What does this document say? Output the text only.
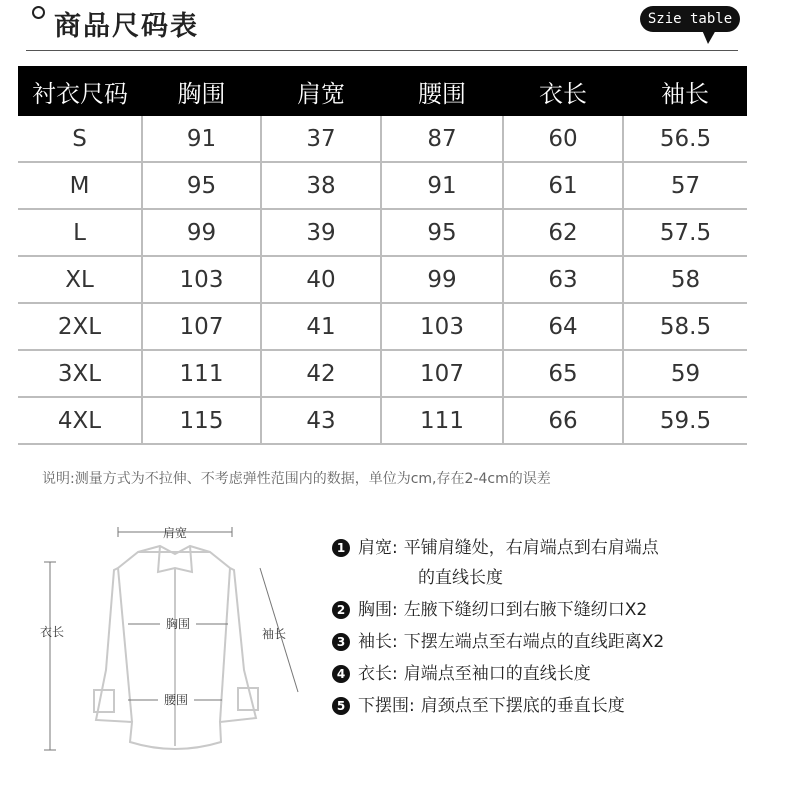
商品尺码表	Szie table
衬衣尺码	胸围	肩宽	腰围	衣长	袖长
S	91	37	87	60	56.5
M	95	38	91	61	57
L	99	39	95	62	57.5
XL	103	40	99	63	58
2XL	107	41	103	64	58.5
3XL	111	42	107	65	59
4XL	115	43	111	66	59.5
说明:测量方式为不拉伸、不考虑弹性范围内的数据，单位为cm,存在2-4cm的误差
肩宽
衣长
胸围
袖长
腰围
1 肩宽: 平铺肩缝处，右肩端点到右肩端点
的直线长度
2 胸围: 左腋下缝纫口到右腋下缝纫口X2
3 袖长: 下摆左端点至右端点的直线距离X2
4 衣长: 肩端点至袖口的直线长度
5 下摆围: 肩颈点至下摆底的垂直长度
